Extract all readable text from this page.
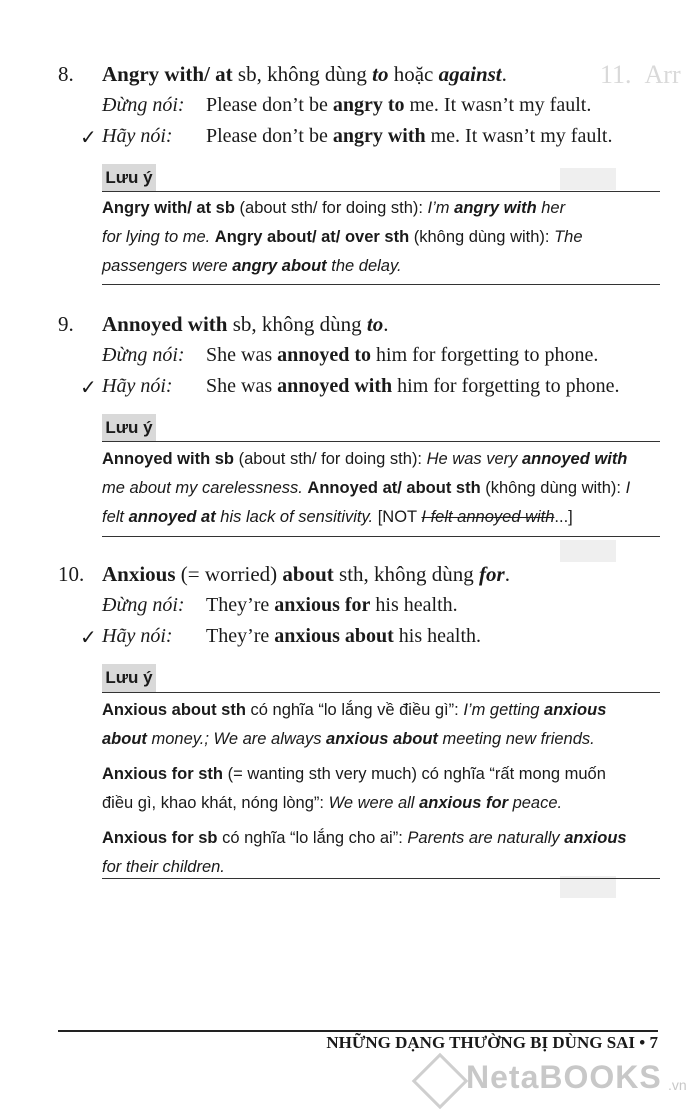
11.  Arr
8. Angry with/ at sb, không dùng to hoặc against.
Đừng nói: Please don’t be angry to me. It wasn’t my fault.
✓ Hãy nói: Please don’t be angry with me. It wasn’t my fault.
Lưu ý
Angry with/ at sb (about sth/ for doing sth): I’m angry with her
for lying to me. Angry about/ at/ over sth (không dùng with): The
passengers were angry about the delay.
9. Annoyed with sb, không dùng to.
Đừng nói: She was annoyed to him for forgetting to phone.
✓ Hãy nói: She was annoyed with him for forgetting to phone.
Lưu ý
Annoyed with sb (about sth/ for doing sth): He was very annoyed with
me about my carelessness. Annoyed at/ about sth (không dùng with): I
felt annoyed at his lack of sensitivity. [NOT I felt annoyed with...]
10. Anxious (= worried) about sth, không dùng for.
Đừng nói: They’re anxious for his health.
✓ Hãy nói: They’re anxious about his health.
Lưu ý
Anxious about sth có nghĩa “lo lắng về điều gì”: I’m getting anxious
about money.; We are always anxious about meeting new friends.
Anxious for sth (= wanting sth very much) có nghĩa “rất mong muốn
điều gì, khao khát, nóng lòng”: We were all anxious for peace.
Anxious for sb có nghĩa “lo lắng cho ai”: Parents are naturally anxious
for their children.
NHỮNG DẠNG THƯỜNG BỊ DÙNG SAI • 7
NetaBOOKS .vn
